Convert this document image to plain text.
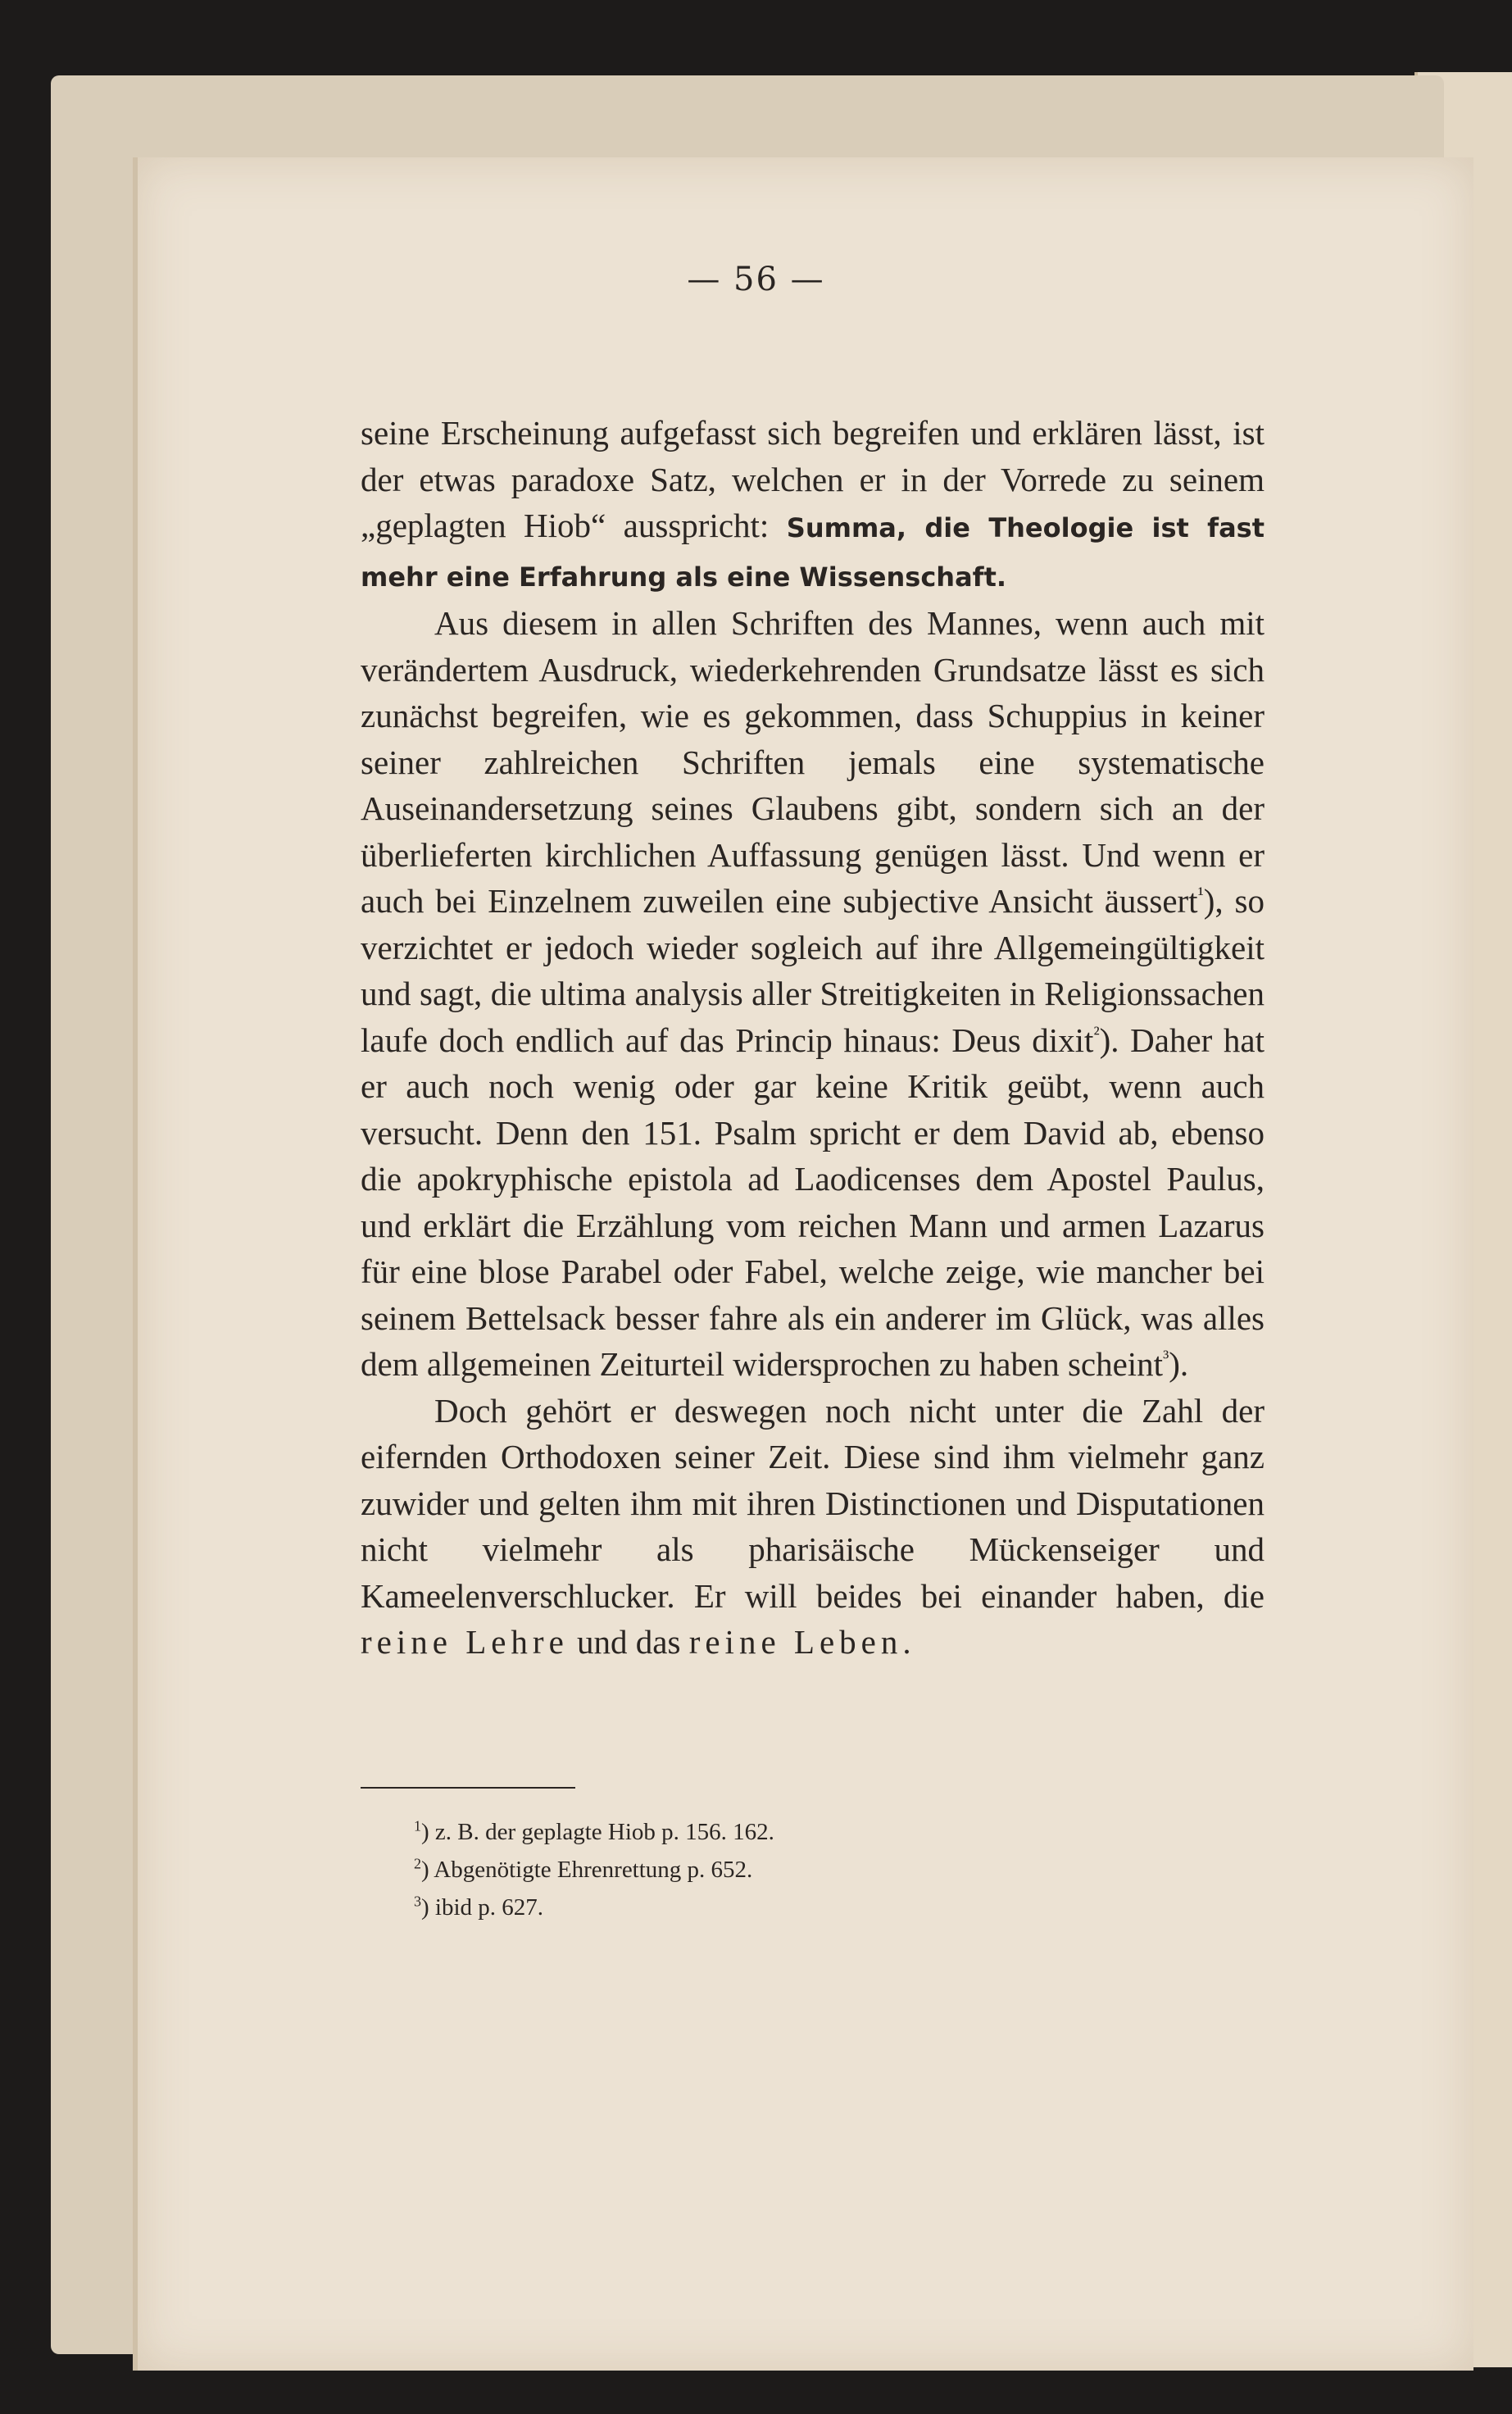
— 56 —

seine Erscheinung aufgefasst sich begreifen und erklären lässt, ist der etwas paradoxe Satz, welchen er in der Vorrede zu seinem „geplagten Hiob“ ausspricht: Summa, die Theologie ist fast mehr eine Erfahrung als eine Wissenschaft.

Aus diesem in allen Schriften des Mannes, wenn auch mit verändertem Ausdruck, wiederkehrenden Grundsatze lässt es sich zunächst begreifen, wie es gekommen, dass Schuppius in keiner seiner zahlreichen Schriften jemals eine systematische Auseinandersetzung seines Glaubens gibt, sondern sich an der überlieferten kirchlichen Auffassung genügen lässt. Und wenn er auch bei Einzelnem zuweilen eine subjective Ansicht äussert$^{^1}$), so verzichtet er jedoch wieder sogleich auf ihre Allgemeingültigkeit und sagt, die ultima analysis aller Streitigkeiten in Religionssachen laufe doch endlich auf das Princip hinaus: Deus dixit$^{^2}$). Daher hat er auch noch wenig oder gar keine Kritik geübt, wenn auch versucht. Denn den 151. Psalm spricht er dem David ab, ebenso die apokryphische epistola ad Laodicenses dem Apostel Paulus, und erklärt die Erzählung vom reichen Mann und armen Lazarus für eine blose Parabel oder Fabel, welche zeige, wie mancher bei seinem Bettelsack besser fahre als ein anderer im Glück, was alles dem allgemeinen Zeiturteil widersprochen zu haben scheint$^{^3}$).

Doch gehört er deswegen noch nicht unter die Zahl der eifernden Orthodoxen seiner Zeit. Diese sind ihm vielmehr ganz zuwider und gelten ihm mit ihren Distinctionen und Disputationen nicht vielmehr als pharisäische Mückenseiger und Kameelenverschlucker. Er will beides bei einander haben, die reine Lehre und das reine Leben.

$^1$) z. B. der geplagte Hiob p. 156. 162.
$^2$) Abgenötigte Ehrenrettung p. 652.
$^3$) ibid p. 627.
